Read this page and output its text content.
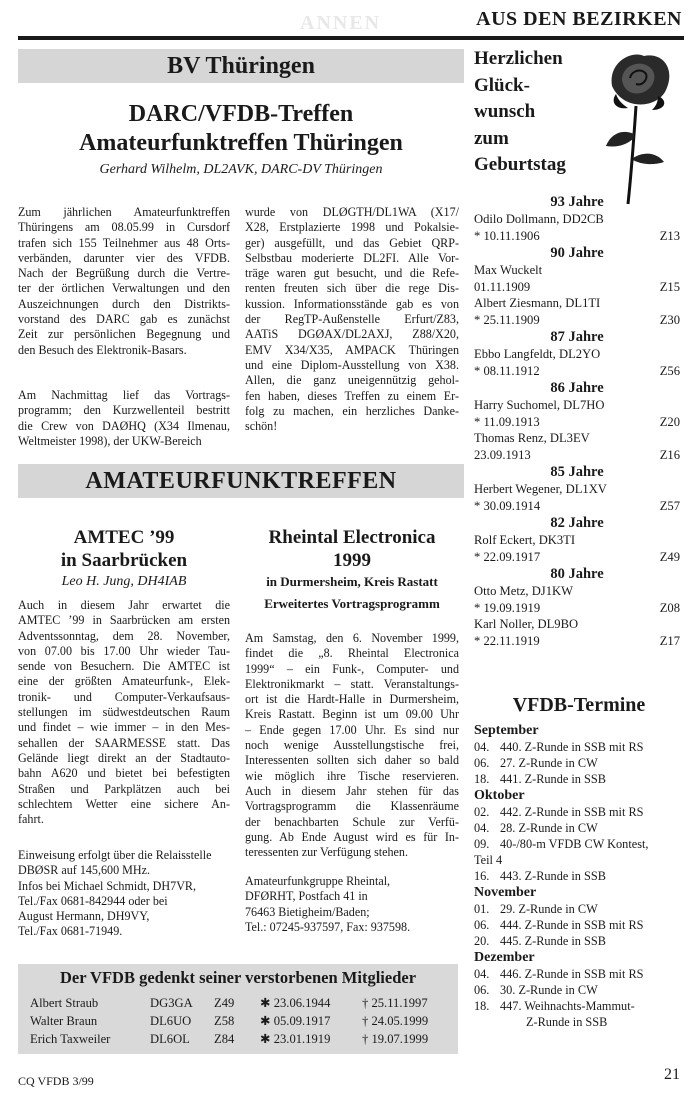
ANNEN	AUS DEN BEZIRKEN
BV Thüringen
DARC/VFDB-Treffen
Amateurfunktreffen Thüringen
Gerhard Wilhelm, DL2AVK, DARC-DV Thüringen
Zum jährlichen Amateurfunktreffen
Thüringens am 08.05.99 in Cursdorf
trafen sich 155 Teilnehmer aus 48 Orts-
verbänden, darunter vier des VFDB.
Nach der Begrüßung durch die Vertre-
ter der örtlichen Verwaltungen und den
Auszeichnungen durch den Distrikts-
vorstand des DARC gab es zunächst
Zeit zur persönlichen Begegnung und
den Besuch des Elektronik-Basars.
Am Nachmittag lief das Vortrags-
programm; den Kurzwellenteil bestritt
die Crew von DAØHQ (X34 Ilmenau,
Weltmeister 1998), der UKW-Bereich
wurde von DLØGTH/DL1WA (X17/
X28, Erstplazierte 1998 und Pokalsie-
ger) ausgefüllt, und das Gebiet QRP-
Selbstbau moderierte DL2FI. Alle Vor-
träge waren gut besucht, und die Refe-
renten freuten sich über die rege Dis-
kussion. Informationsstände gab es von
der RegTP-Außenstelle Erfurt/Z83,
AATiS DGØAX/DL2AXJ, Z88/X20,
EMV X34/X35, AMPACK Thüringen
und eine Diplom-Ausstellung von X38.
Allen, die ganz uneigennützig gehol-
fen haben, dieses Treffen zu einem Er-
folg zu machen, ein herzliches Danke-
schön!
AMATEURFUNKTREFFEN
AMTEC ’99
in Saarbrücken
Leo H. Jung, DH4IAB
Auch in diesem Jahr erwartet die
AMTEC ’99 in Saarbrücken am ersten
Adventssonntag, dem 28. November,
von 07.00 bis 17.00 Uhr wieder Tau-
sende von Besuchern. Die AMTEC ist
eine der größten Amateurfunk-, Elek-
tronik- und Computer-Verkaufsaus-
stellungen im südwestdeutschen Raum
und findet – wie immer – in den Mes-
sehallen der SAARMESSE statt. Das
Gelände liegt direkt an der Stadtauto-
bahn A620 und bietet bei befestigten
Straßen und Parkplätzen auch bei
schlechtem Wetter eine sichere An-
fahrt.
Einweisung erfolgt über die Relaisstelle
DBØSR auf 145,600 MHz.
Infos bei Michael Schmidt, DH7VR,
Tel./Fax 0681-842944 oder bei
August Hermann, DH9VY,
Tel./Fax 0681-71949.
Rheintal Electronica
1999
in Durmersheim, Kreis Rastatt
Erweitertes Vortragsprogramm
Am Samstag, den 6. November 1999,
findet die „8. Rheintal Electronica
1999“ – ein Funk-, Computer- und
Elektronikmarkt – statt. Veranstaltungs-
ort ist die Hardt-Halle in Durmersheim,
Kreis Rastatt. Beginn ist um 09.00 Uhr
– Ende gegen 17.00 Uhr. Es sind nur
noch wenige Ausstellungstische frei,
Interessenten sollten sich daher so bald
wie möglich ihre Tische reservieren.
Auch in diesem Jahr stehen für das
Vortragsprogramm die Klassenräume
der benachbarten Schule zur Verfü-
gung. Ab Ende August wird es für In-
teressenten zur Verfügung stehen.
Amateurfunkgruppe Rheintal,
DFØRHT, Postfach 41 in
76463 Bietigheim/Baden;
Tel.: 07245-937597, Fax: 937598.
Der VFDB gedenkt seiner verstorbenen Mitglieder
Albert Straub	DG3GA Z49 ✱ 23.06.1944	† 25.11.1997
Walter Braun	DL6UO Z58 ✱ 05.09.1917	† 24.05.1999
Erich Taxweiler	DL6OL Z84 ✱ 23.01.1919	† 19.07.1999
Herzlichen
Glück-
wunsch
zum
Geburtstag
93 Jahre
Odilo Dollmann, DD2CB
* 10.11.1906	Z13
90 Jahre
Max Wuckelt
01.11.1909	Z15
Albert Ziesmann, DL1TI
* 25.11.1909	Z30
87 Jahre
Ebbo Langfeldt, DL2YO
* 08.11.1912	Z56
86 Jahre
Harry Suchomel, DL7HO
* 11.09.1913	Z20
Thomas Renz, DL3EV
23.09.1913	Z16
85 Jahre
Herbert Wegener, DL1XV
* 30.09.1914	Z57
82 Jahre
Rolf Eckert, DK3TI
* 22.09.1917	Z49
80 Jahre
Otto Metz, DJ1KW
* 19.09.1919	Z08
Karl Noller, DL9BO
* 22.11.1919	Z17
VFDB-Termine
September
04. 440. Z-Runde in SSB mit RS
06. 27. Z-Runde in CW
18. 441. Z-Runde in SSB
Oktober
02. 442. Z-Runde in SSB mit RS
04. 28. Z-Runde in CW
09. 40-/80-m VFDB CW Kontest,
Teil 4
16. 443. Z-Runde in SSB
November
01. 29. Z-Runde in CW
06. 444. Z-Runde in SSB mit RS
20. 445. Z-Runde in SSB
Dezember
04. 446. Z-Runde in SSB mit RS
06. 30. Z-Runde in CW
18. 447. Weihnachts-Mammut-
Z-Runde in SSB
CQ VFDB 3/99	21
